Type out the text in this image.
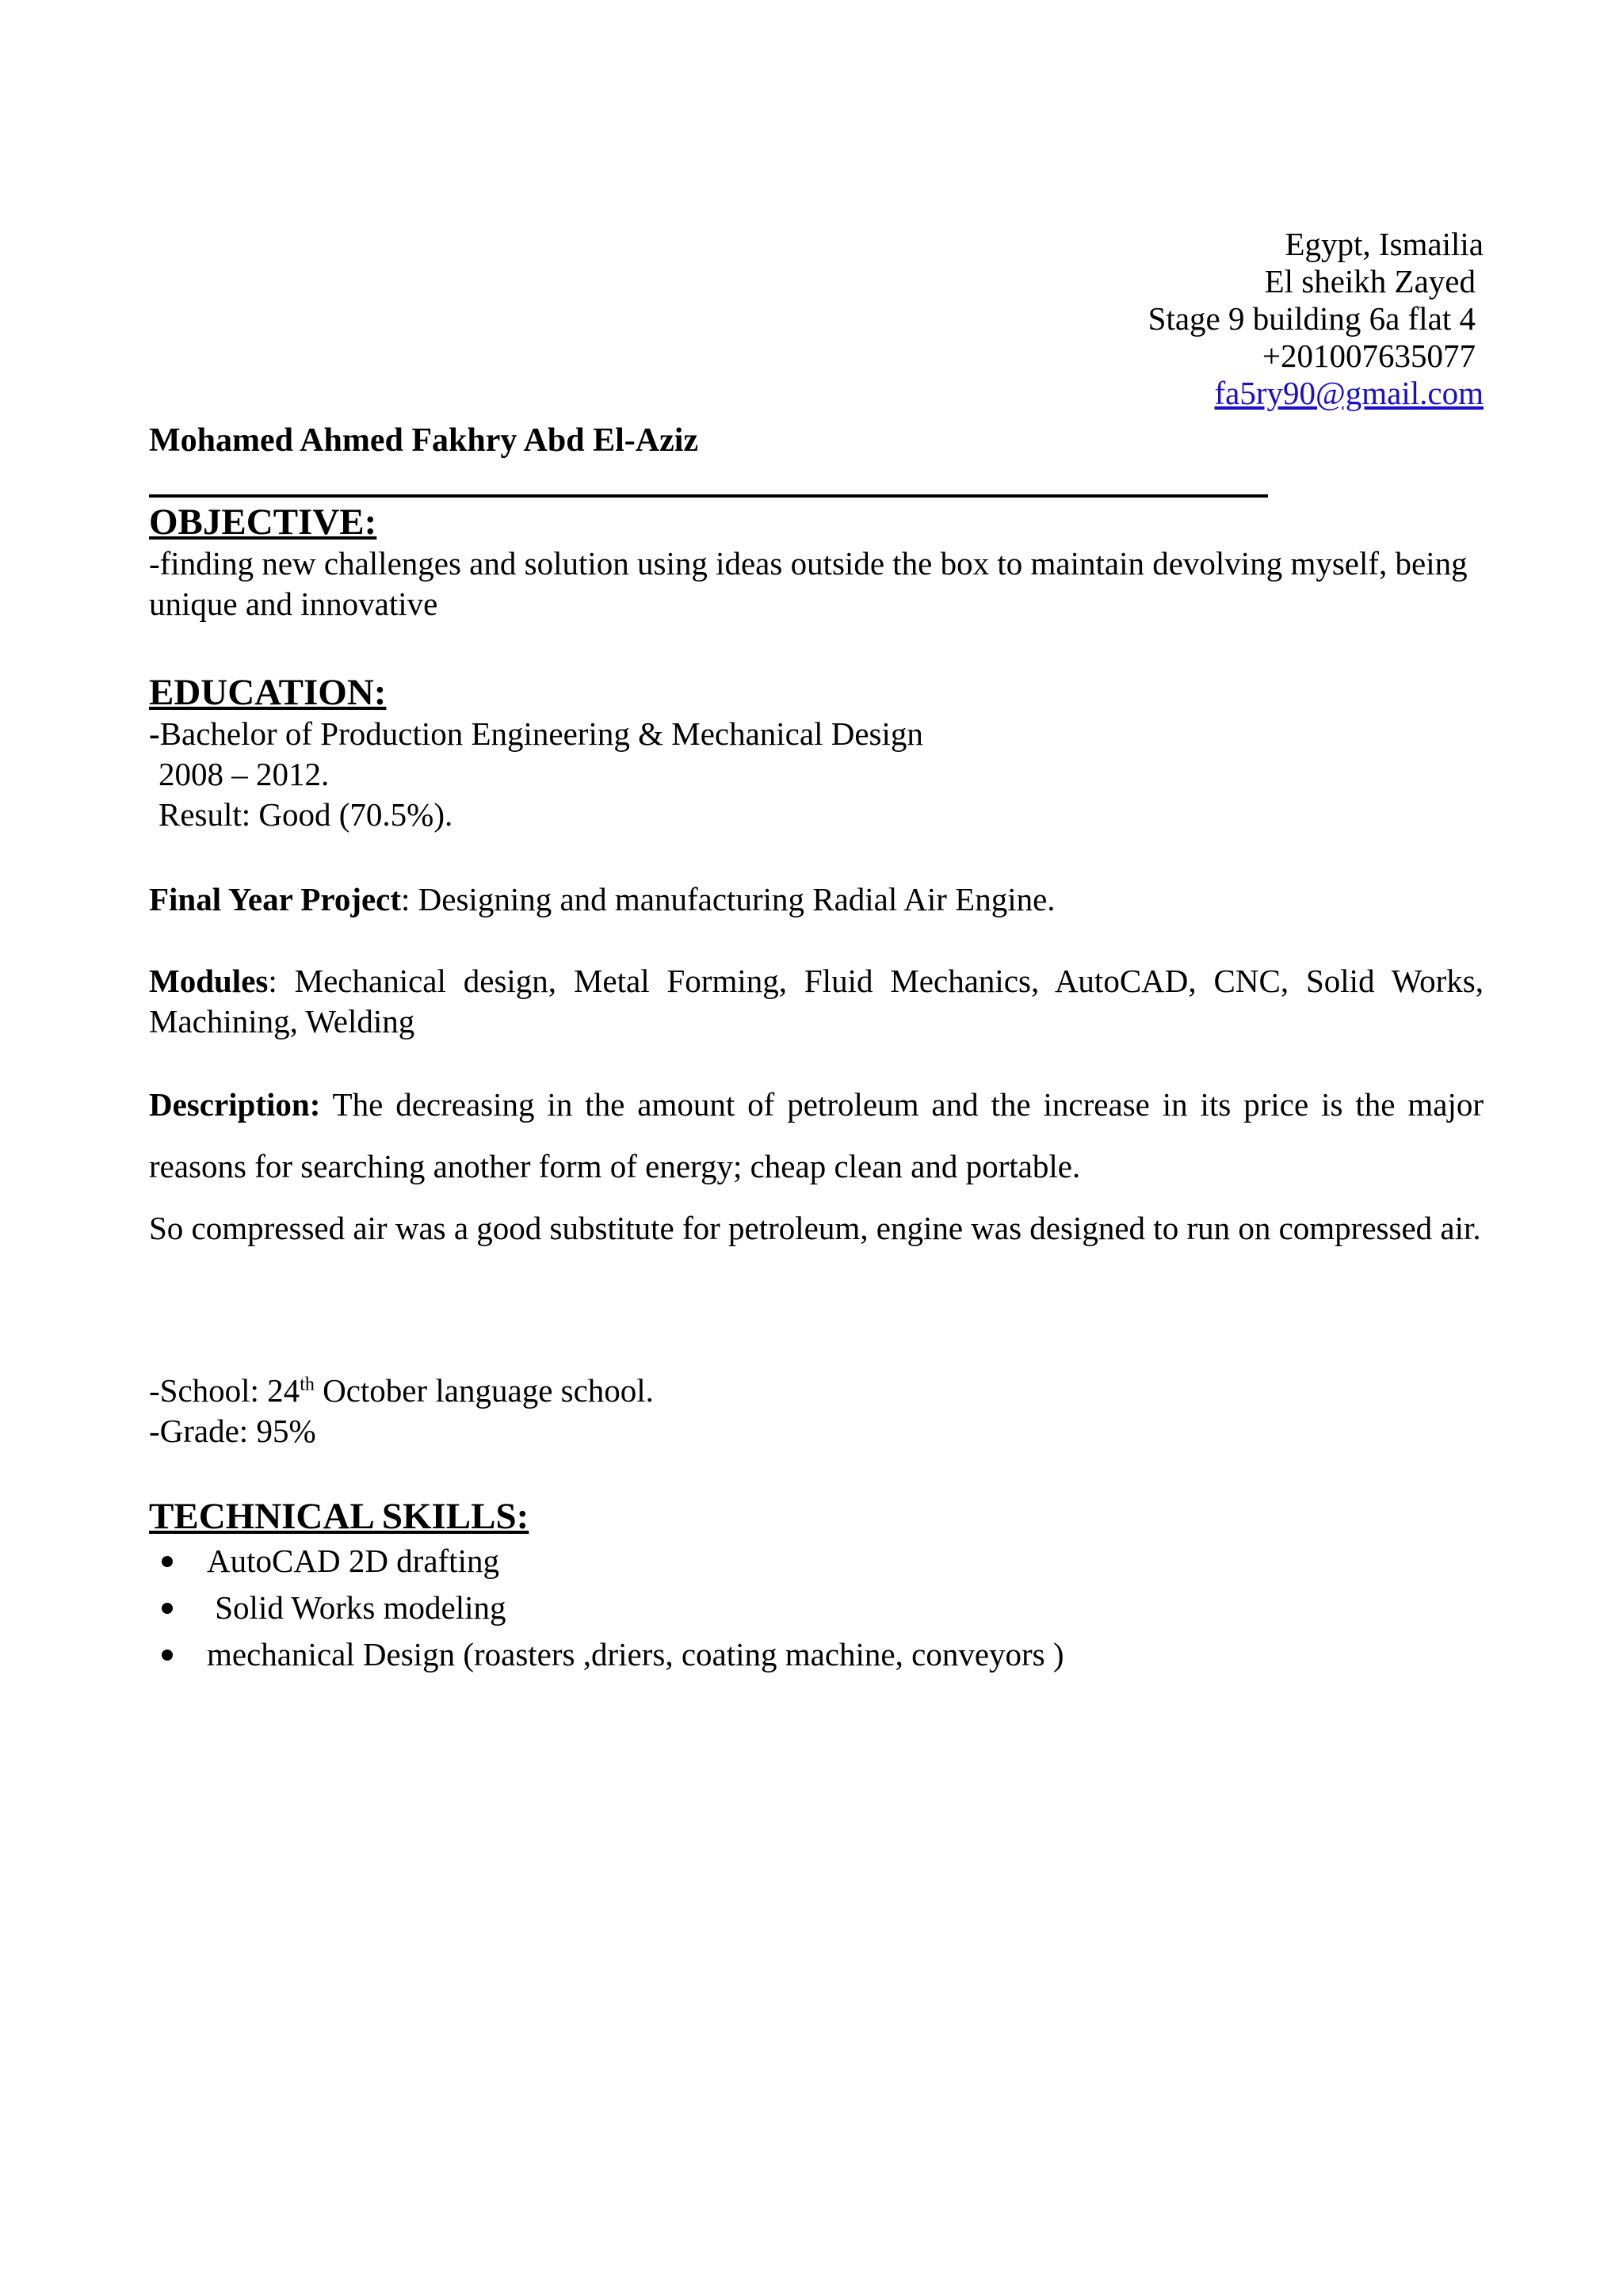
Egypt, Ismailia
El sheikh Zayed
Stage 9 building 6a flat 4
+201007635077
fa5ry90@gmail.com
Mohamed Ahmed Fakhry Abd El-Aziz
OBJECTIVE:
-finding new challenges and solution using ideas outside the box to maintain devolving myself, being unique and innovative
EDUCATION:
-Bachelor of Production Engineering & Mechanical Design
2008 – 2012.
Result: Good (70.5%).
Final Year Project: Designing and manufacturing Radial Air Engine.
Modules: Mechanical design, Metal Forming, Fluid Mechanics, AutoCAD, CNC, Solid Works, Machining, Welding
Description: The decreasing in the amount of petroleum and the increase in its price is the major reasons for searching another form of energy; cheap clean and portable.
So compressed air was a good substitute for petroleum, engine was designed to run on compressed air.
-School: 24th October language school.
-Grade: 95%
TECHNICAL SKILLS:
AutoCAD 2D drafting
Solid Works modeling
mechanical Design (roasters ,driers, coating machine, conveyors )
